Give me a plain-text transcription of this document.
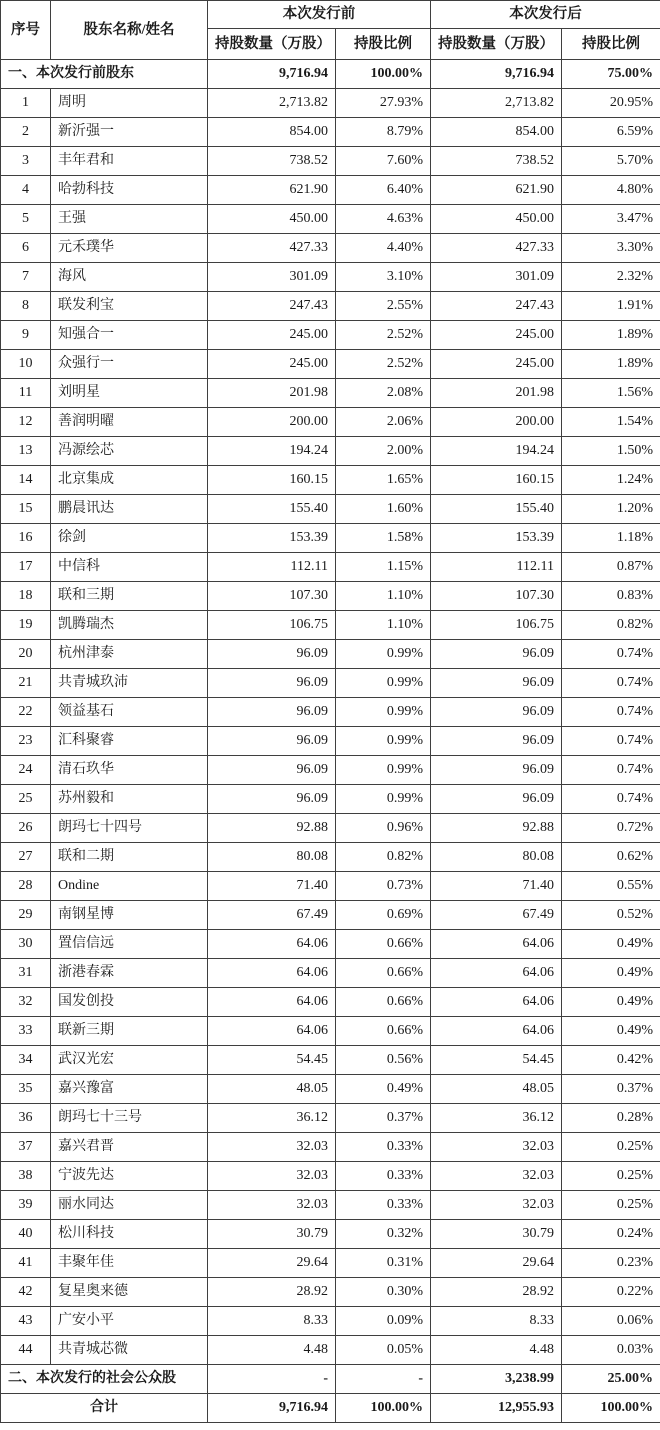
序号	股东名称/姓名	本次发行前		本次发行后	
		持股数量（万股）	持股比例	持股数量（万股）	持股比例
一、本次发行前股东		9,716.94	100.00%	9,716.94	75.00%
1	周明	2,713.82	27.93%	2,713.82	20.95%
2	新沂强一	854.00	8.79%	854.00	6.59%
3	丰年君和	738.52	7.60%	738.52	5.70%
4	哈勃科技	621.90	6.40%	621.90	4.80%
5	王强	450.00	4.63%	450.00	3.47%
6	元禾璞华	427.33	4.40%	427.33	3.30%
7	海风	301.09	3.10%	301.09	2.32%
8	联发利宝	247.43	2.55%	247.43	1.91%
9	知强合一	245.00	2.52%	245.00	1.89%
10	众强行一	245.00	2.52%	245.00	1.89%
11	刘明星	201.98	2.08%	201.98	1.56%
12	善润明曜	200.00	2.06%	200.00	1.54%
13	冯源绘芯	194.24	2.00%	194.24	1.50%
14	北京集成	160.15	1.65%	160.15	1.24%
15	鹏晨讯达	155.40	1.60%	155.40	1.20%
16	徐剑	153.39	1.58%	153.39	1.18%
17	中信科	112.11	1.15%	112.11	0.87%
18	联和三期	107.30	1.10%	107.30	0.83%
19	凯腾瑞杰	106.75	1.10%	106.75	0.82%
20	杭州津泰	96.09	0.99%	96.09	0.74%
21	共青城玖沛	96.09	0.99%	96.09	0.74%
22	领益基石	96.09	0.99%	96.09	0.74%
23	汇科聚睿	96.09	0.99%	96.09	0.74%
24	清石玖华	96.09	0.99%	96.09	0.74%
25	苏州毅和	96.09	0.99%	96.09	0.74%
26	朗玛七十四号	92.88	0.96%	92.88	0.72%
27	联和二期	80.08	0.82%	80.08	0.62%
28	Ondine	71.40	0.73%	71.40	0.55%
29	南钢星博	67.49	0.69%	67.49	0.52%
30	置信信远	64.06	0.66%	64.06	0.49%
31	浙港春霖	64.06	0.66%	64.06	0.49%
32	国发创投	64.06	0.66%	64.06	0.49%
33	联新三期	64.06	0.66%	64.06	0.49%
34	武汉光宏	54.45	0.56%	54.45	0.42%
35	嘉兴豫富	48.05	0.49%	48.05	0.37%
36	朗玛七十三号	36.12	0.37%	36.12	0.28%
37	嘉兴君晋	32.03	0.33%	32.03	0.25%
38	宁波先达	32.03	0.33%	32.03	0.25%
39	丽水同达	32.03	0.33%	32.03	0.25%
40	松川科技	30.79	0.32%	30.79	0.24%
41	丰聚年佳	29.64	0.31%	29.64	0.23%
42	复星奥来德	28.92	0.30%	28.92	0.22%
43	广安小平	8.33	0.09%	8.33	0.06%
44	共青城芯微	4.48	0.05%	4.48	0.03%
二、本次发行的社会公众股		-	-	3,238.99	25.00%
合计		9,716.94	100.00%	12,955.93	100.00%
